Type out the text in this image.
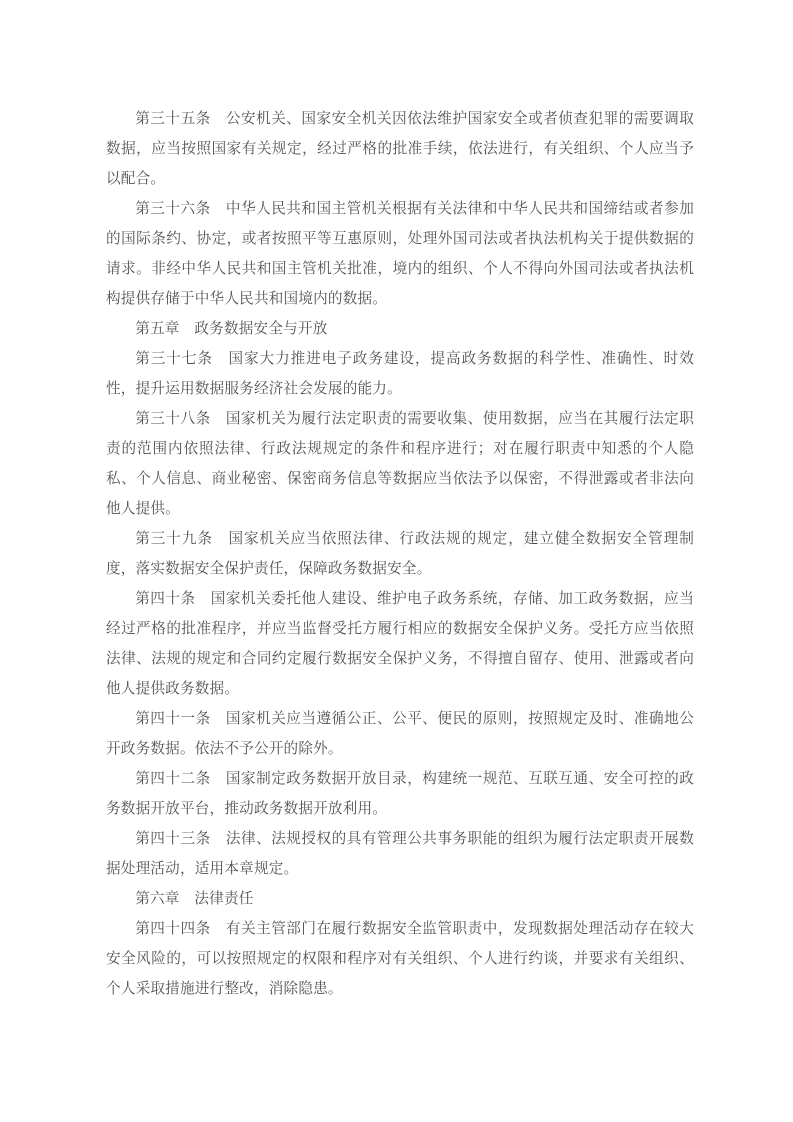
第三十五条　公安机关、国家安全机关因依法维护国家安全或者侦查犯罪的需要调取数据，应当按照国家有关规定，经过严格的批准手续，依法进行，有关组织、个人应当予以配合。

第三十六条　中华人民共和国主管机关根据有关法律和中华人民共和国缔结或者参加的国际条约、协定，或者按照平等互惠原则，处理外国司法或者执法机构关于提供数据的请求。非经中华人民共和国主管机关批准，境内的组织、个人不得向外国司法或者执法机构提供存储于中华人民共和国境内的数据。

第五章　政务数据安全与开放

第三十七条　国家大力推进电子政务建设，提高政务数据的科学性、准确性、时效性，提升运用数据服务经济社会发展的能力。

第三十八条　国家机关为履行法定职责的需要收集、使用数据，应当在其履行法定职责的范围内依照法律、行政法规规定的条件和程序进行；对在履行职责中知悉的个人隐私、个人信息、商业秘密、保密商务信息等数据应当依法予以保密，不得泄露或者非法向他人提供。

第三十九条　国家机关应当依照法律、行政法规的规定，建立健全数据安全管理制度，落实数据安全保护责任，保障政务数据安全。

第四十条　国家机关委托他人建设、维护电子政务系统，存储、加工政务数据，应当经过严格的批准程序，并应当监督受托方履行相应的数据安全保护义务。受托方应当依照法律、法规的规定和合同约定履行数据安全保护义务，不得擅自留存、使用、泄露或者向他人提供政务数据。

第四十一条　国家机关应当遵循公正、公平、便民的原则，按照规定及时、准确地公开政务数据。依法不予公开的除外。

第四十二条　国家制定政务数据开放目录，构建统一规范、互联互通、安全可控的政务数据开放平台，推动政务数据开放利用。

第四十三条　法律、法规授权的具有管理公共事务职能的组织为履行法定职责开展数据处理活动，适用本章规定。

第六章　法律责任

第四十四条　有关主管部门在履行数据安全监管职责中，发现数据处理活动存在较大安全风险的，可以按照规定的权限和程序对有关组织、个人进行约谈，并要求有关组织、个人采取措施进行整改，消除隐患。
